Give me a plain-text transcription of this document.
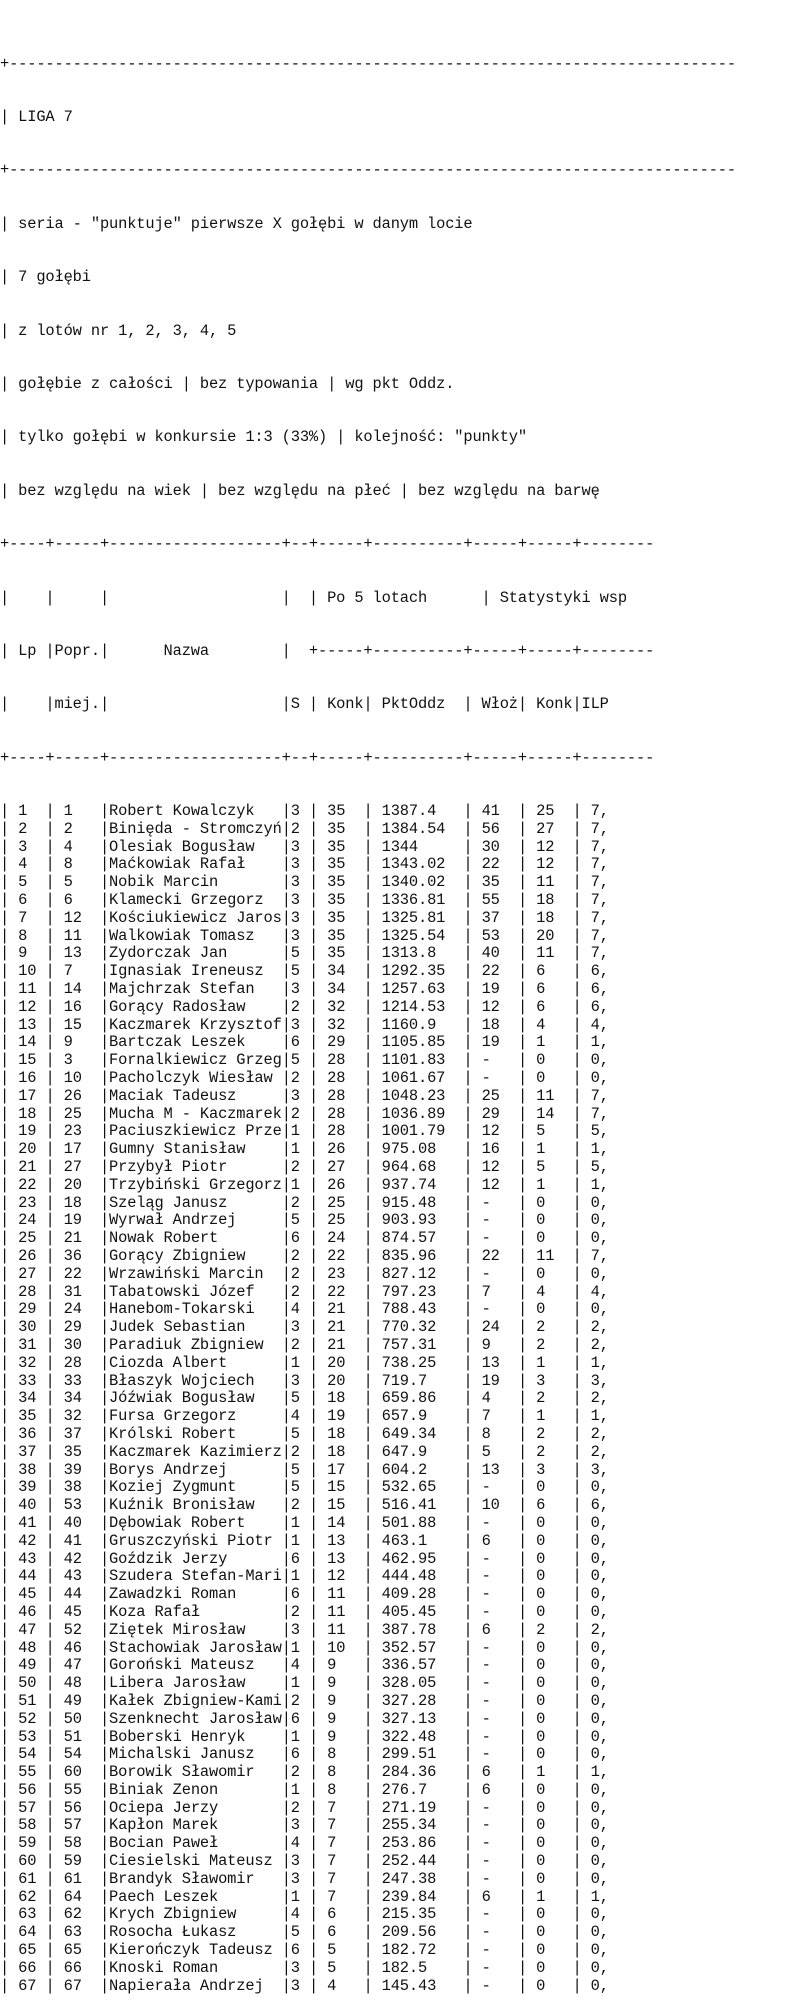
+--------------------------------------------------------------------------------

| LIGA 7

+--------------------------------------------------------------------------------

| seria - "punktuje" pierwsze X gołębi w danym locie

| 7 gołębi

| z lotów nr 1, 2, 3, 4, 5

| gołębie z całości | bez typowania | wg pkt Oddz.

| tylko gołębi w konkursie 1:3 (33%) | kolejność: "punkty"

| bez względu na wiek | bez względu na płeć | bez względu na barwę

+----+-----+-------------------+--+-----+----------+-----+-----+--------

|    |     |                   |  | Po 5 lotach      | Statystyki wsp

| Lp |Popr.|      Nazwa        |  +-----+----------+-----+-----+--------

|    |miej.|                   |S | Konk| PktOddz  | Włoż| Konk|ILP

+----+-----+-------------------+--+-----+----------+-----+-----+--------

| 1  | 1   |Robert Kowalczyk   |3 | 35  | 1387.4   | 41  | 25  | 7,
| 2  | 2   |Binięda - Stromczyń|2 | 35  | 1384.54  | 56  | 27  | 7,
| 3  | 4   |Olesiak Bogusław   |3 | 35  | 1344     | 30  | 12  | 7,
| 4  | 8   |Maćkowiak Rafał    |3 | 35  | 1343.02  | 22  | 12  | 7,
| 5  | 5   |Nobik Marcin       |3 | 35  | 1340.02  | 35  | 11  | 7,
| 6  | 6   |Klamecki Grzegorz  |3 | 35  | 1336.81  | 55  | 18  | 7,
| 7  | 12  |Kościukiewicz Jaros|3 | 35  | 1325.81  | 37  | 18  | 7,
| 8  | 11  |Walkowiak Tomasz   |3 | 35  | 1325.54  | 53  | 20  | 7,
| 9  | 13  |Zydorczak Jan      |5 | 35  | 1313.8   | 40  | 11  | 7,
| 10 | 7   |Ignasiak Ireneusz  |5 | 34  | 1292.35  | 22  | 6   | 6,
| 11 | 14  |Majchrzak Stefan   |3 | 34  | 1257.63  | 19  | 6   | 6,
| 12 | 16  |Gorący Radosław    |2 | 32  | 1214.53  | 12  | 6   | 6,
| 13 | 15  |Kaczmarek Krzysztof|3 | 32  | 1160.9   | 18  | 4   | 4,
| 14 | 9   |Bartczak Leszek    |6 | 29  | 1105.85  | 19  | 1   | 1,
| 15 | 3   |Fornalkiewicz Grzeg|5 | 28  | 1101.83  | -   | 0   | 0,
| 16 | 10  |Pacholczyk Wiesław |2 | 28  | 1061.67  | -   | 0   | 0,
| 17 | 26  |Maciak Tadeusz     |3 | 28  | 1048.23  | 25  | 11  | 7,
| 18 | 25  |Mucha M - Kaczmarek|2 | 28  | 1036.89  | 29  | 14  | 7,
| 19 | 23  |Paciuszkiewicz Prze|1 | 28  | 1001.79  | 12  | 5   | 5,
| 20 | 17  |Gumny Stanisław    |1 | 26  | 975.08   | 16  | 1   | 1,
| 21 | 27  |Przybył Piotr      |2 | 27  | 964.68   | 12  | 5   | 5,
| 22 | 20  |Trzybiński Grzegorz|1 | 26  | 937.74   | 12  | 1   | 1,
| 23 | 18  |Szeląg Janusz      |2 | 25  | 915.48   | -   | 0   | 0,
| 24 | 19  |Wyrwał Andrzej     |5 | 25  | 903.93   | -   | 0   | 0,
| 25 | 21  |Nowak Robert       |6 | 24  | 874.57   | -   | 0   | 0,
| 26 | 36  |Gorący Zbigniew    |2 | 22  | 835.96   | 22  | 11  | 7,
| 27 | 22  |Wrzawiński Marcin  |2 | 23  | 827.12   | -   | 0   | 0,
| 28 | 31  |Tabatowski Józef   |2 | 22  | 797.23   | 7   | 4   | 4,
| 29 | 24  |Hanebom-Tokarski   |4 | 21  | 788.43   | -   | 0   | 0,
| 30 | 29  |Judek Sebastian    |3 | 21  | 770.32   | 24  | 2   | 2,
| 31 | 30  |Paradiuk Zbigniew  |2 | 21  | 757.31   | 9   | 2   | 2,
| 32 | 28  |Ciozda Albert      |1 | 20  | 738.25   | 13  | 1   | 1,
| 33 | 33  |Błaszyk Wojciech   |3 | 20  | 719.7    | 19  | 3   | 3,
| 34 | 34  |Jóźwiak Bogusław   |5 | 18  | 659.86   | 4   | 2   | 2,
| 35 | 32  |Fursa Grzegorz     |4 | 19  | 657.9    | 7   | 1   | 1,
| 36 | 37  |Królski Robert     |5 | 18  | 649.34   | 8   | 2   | 2,
| 37 | 35  |Kaczmarek Kazimierz|2 | 18  | 647.9    | 5   | 2   | 2,
| 38 | 39  |Borys Andrzej      |5 | 17  | 604.2    | 13  | 3   | 3,
| 39 | 38  |Koziej Zygmunt     |5 | 15  | 532.65   | -   | 0   | 0,
| 40 | 53  |Kuźnik Bronisław   |2 | 15  | 516.41   | 10  | 6   | 6,
| 41 | 40  |Dębowiak Robert    |1 | 14  | 501.88   | -   | 0   | 0,
| 42 | 41  |Gruszczyński Piotr |1 | 13  | 463.1    | 6   | 0   | 0,
| 43 | 42  |Goździk Jerzy      |6 | 13  | 462.95   | -   | 0   | 0,
| 44 | 43  |Szudera Stefan-Mari|1 | 12  | 444.48   | -   | 0   | 0,
| 45 | 44  |Zawadzki Roman     |6 | 11  | 409.28   | -   | 0   | 0,
| 46 | 45  |Koza Rafał         |2 | 11  | 405.45   | -   | 0   | 0,
| 47 | 52  |Ziętek Mirosław    |3 | 11  | 387.78   | 6   | 2   | 2,
| 48 | 46  |Stachowiak Jarosław|1 | 10  | 352.57   | -   | 0   | 0,
| 49 | 47  |Goroński Mateusz   |4 | 9   | 336.57   | -   | 0   | 0,
| 50 | 48  |Libera Jarosław    |1 | 9   | 328.05   | -   | 0   | 0,
| 51 | 49  |Kałek Zbigniew-Kami|2 | 9   | 327.28   | -   | 0   | 0,
| 52 | 50  |Szenknecht Jarosław|6 | 9   | 327.13   | -   | 0   | 0,
| 53 | 51  |Boberski Henryk    |1 | 9   | 322.48   | -   | 0   | 0,
| 54 | 54  |Michalski Janusz   |6 | 8   | 299.51   | -   | 0   | 0,
| 55 | 60  |Borowik Sławomir   |2 | 8   | 284.36   | 6   | 1   | 1,
| 56 | 55  |Biniak Zenon       |1 | 8   | 276.7    | 6   | 0   | 0,
| 57 | 56  |Ociepa Jerzy       |2 | 7   | 271.19   | -   | 0   | 0,
| 58 | 57  |Kapłon Marek       |3 | 7   | 255.34   | -   | 0   | 0,
| 59 | 58  |Bocian Paweł       |4 | 7   | 253.86   | -   | 0   | 0,
| 60 | 59  |Ciesielski Mateusz |3 | 7   | 252.44   | -   | 0   | 0,
| 61 | 61  |Brandyk Sławomir   |3 | 7   | 247.38   | -   | 0   | 0,
| 62 | 64  |Paech Leszek       |1 | 7   | 239.84   | 6   | 1   | 1,
| 63 | 62  |Krych Zbigniew     |4 | 6   | 215.35   | -   | 0   | 0,
| 64 | 63  |Rosocha Łukasz     |5 | 6   | 209.56   | -   | 0   | 0,
| 65 | 65  |Kierończyk Tadeusz |6 | 5   | 182.72   | -   | 0   | 0,
| 66 | 66  |Knoski Roman       |3 | 5   | 182.5    | -   | 0   | 0,
| 67 | 67  |Napierała Andrzej  |3 | 4   | 145.43   | -   | 0   | 0,
